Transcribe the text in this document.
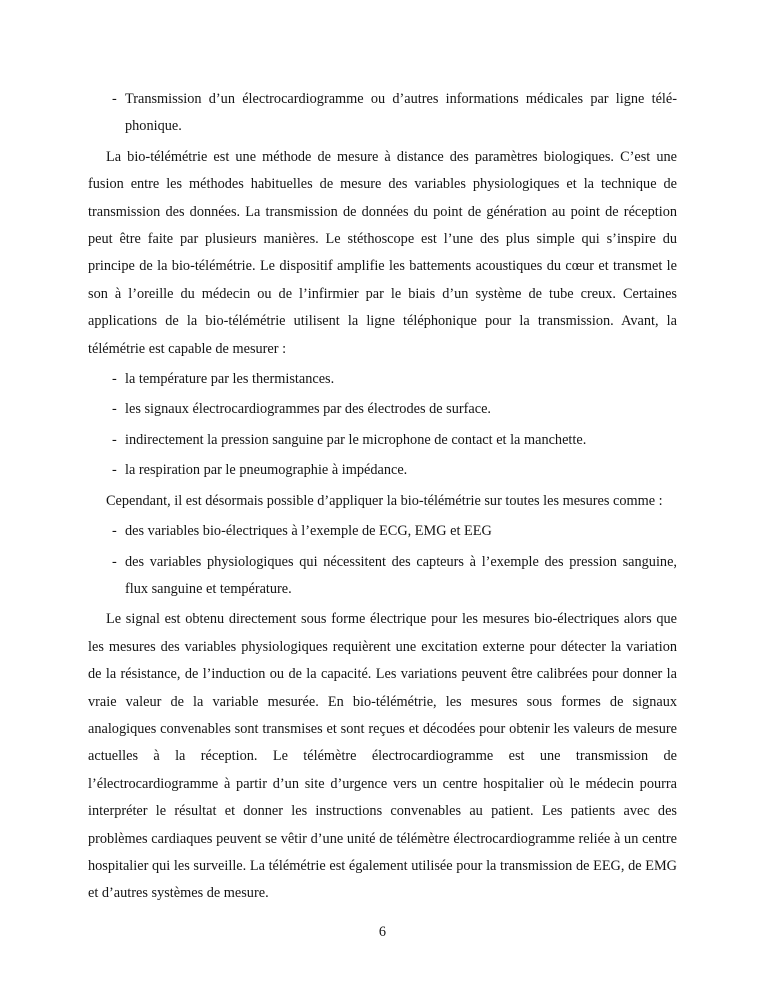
- Transmission d’un électrocardiogramme ou d’autres informations médicales par ligne télé-phonique.

La bio-télémétrie est une méthode de mesure à distance des paramètres biologiques. C’est une fusion entre les méthodes habituelles de mesure des variables physiologiques et la technique de transmission des données. La transmission de données du point de génération au point de réception peut être faite par plusieurs manières. Le stéthoscope est l’une des plus simple qui s’inspire du principe de la bio-télémétrie. Le dispositif amplifie les battements acoustiques du cœur et transmet le son à l’oreille du médecin ou de l’infirmier par le biais d’un système de tube creux. Certaines applications de la bio-télémétrie utilisent la ligne téléphonique pour la transmission. Avant, la télémétrie est capable de mesurer :

- la température par les thermistances.
- les signaux électrocardiogrammes par des électrodes de surface.
- indirectement la pression sanguine par le microphone de contact et la manchette.
- la respiration par le pneumographie à impédance.

Cependant, il est désormais possible d’appliquer la bio-télémétrie sur toutes les mesures comme :

- des variables bio-électriques à l’exemple de ECG, EMG et EEG
- des variables physiologiques qui nécessitent des capteurs à l’exemple des pression sanguine, flux sanguine et température.

Le signal est obtenu directement sous forme électrique pour les mesures bio-électriques alors que les mesures des variables physiologiques requièrent une excitation externe pour détecter la variation de la résistance, de l’induction ou de la capacité. Les variations peuvent être calibrées pour donner la vraie valeur de la variable mesurée. En bio-télémétrie, les mesures sous formes de signaux analogiques convenables sont transmises et sont reçues et décodées pour obtenir les valeurs de mesure actuelles à la réception. Le télémètre électrocardiogramme est une transmission de l’électrocardiogramme à partir d’un site d’urgence vers un centre hospitalier où le médecin pourra interpréter le résultat et donner les instructions convenables au patient. Les patients avec des problèmes cardiaques peuvent se vêtir d’une unité de télémètre électrocardiogramme reliée à un centre hospitalier qui les surveille. La télémétrie est également utilisée pour la transmission de EEG, de EMG et d’autres systèmes de mesure.

6
